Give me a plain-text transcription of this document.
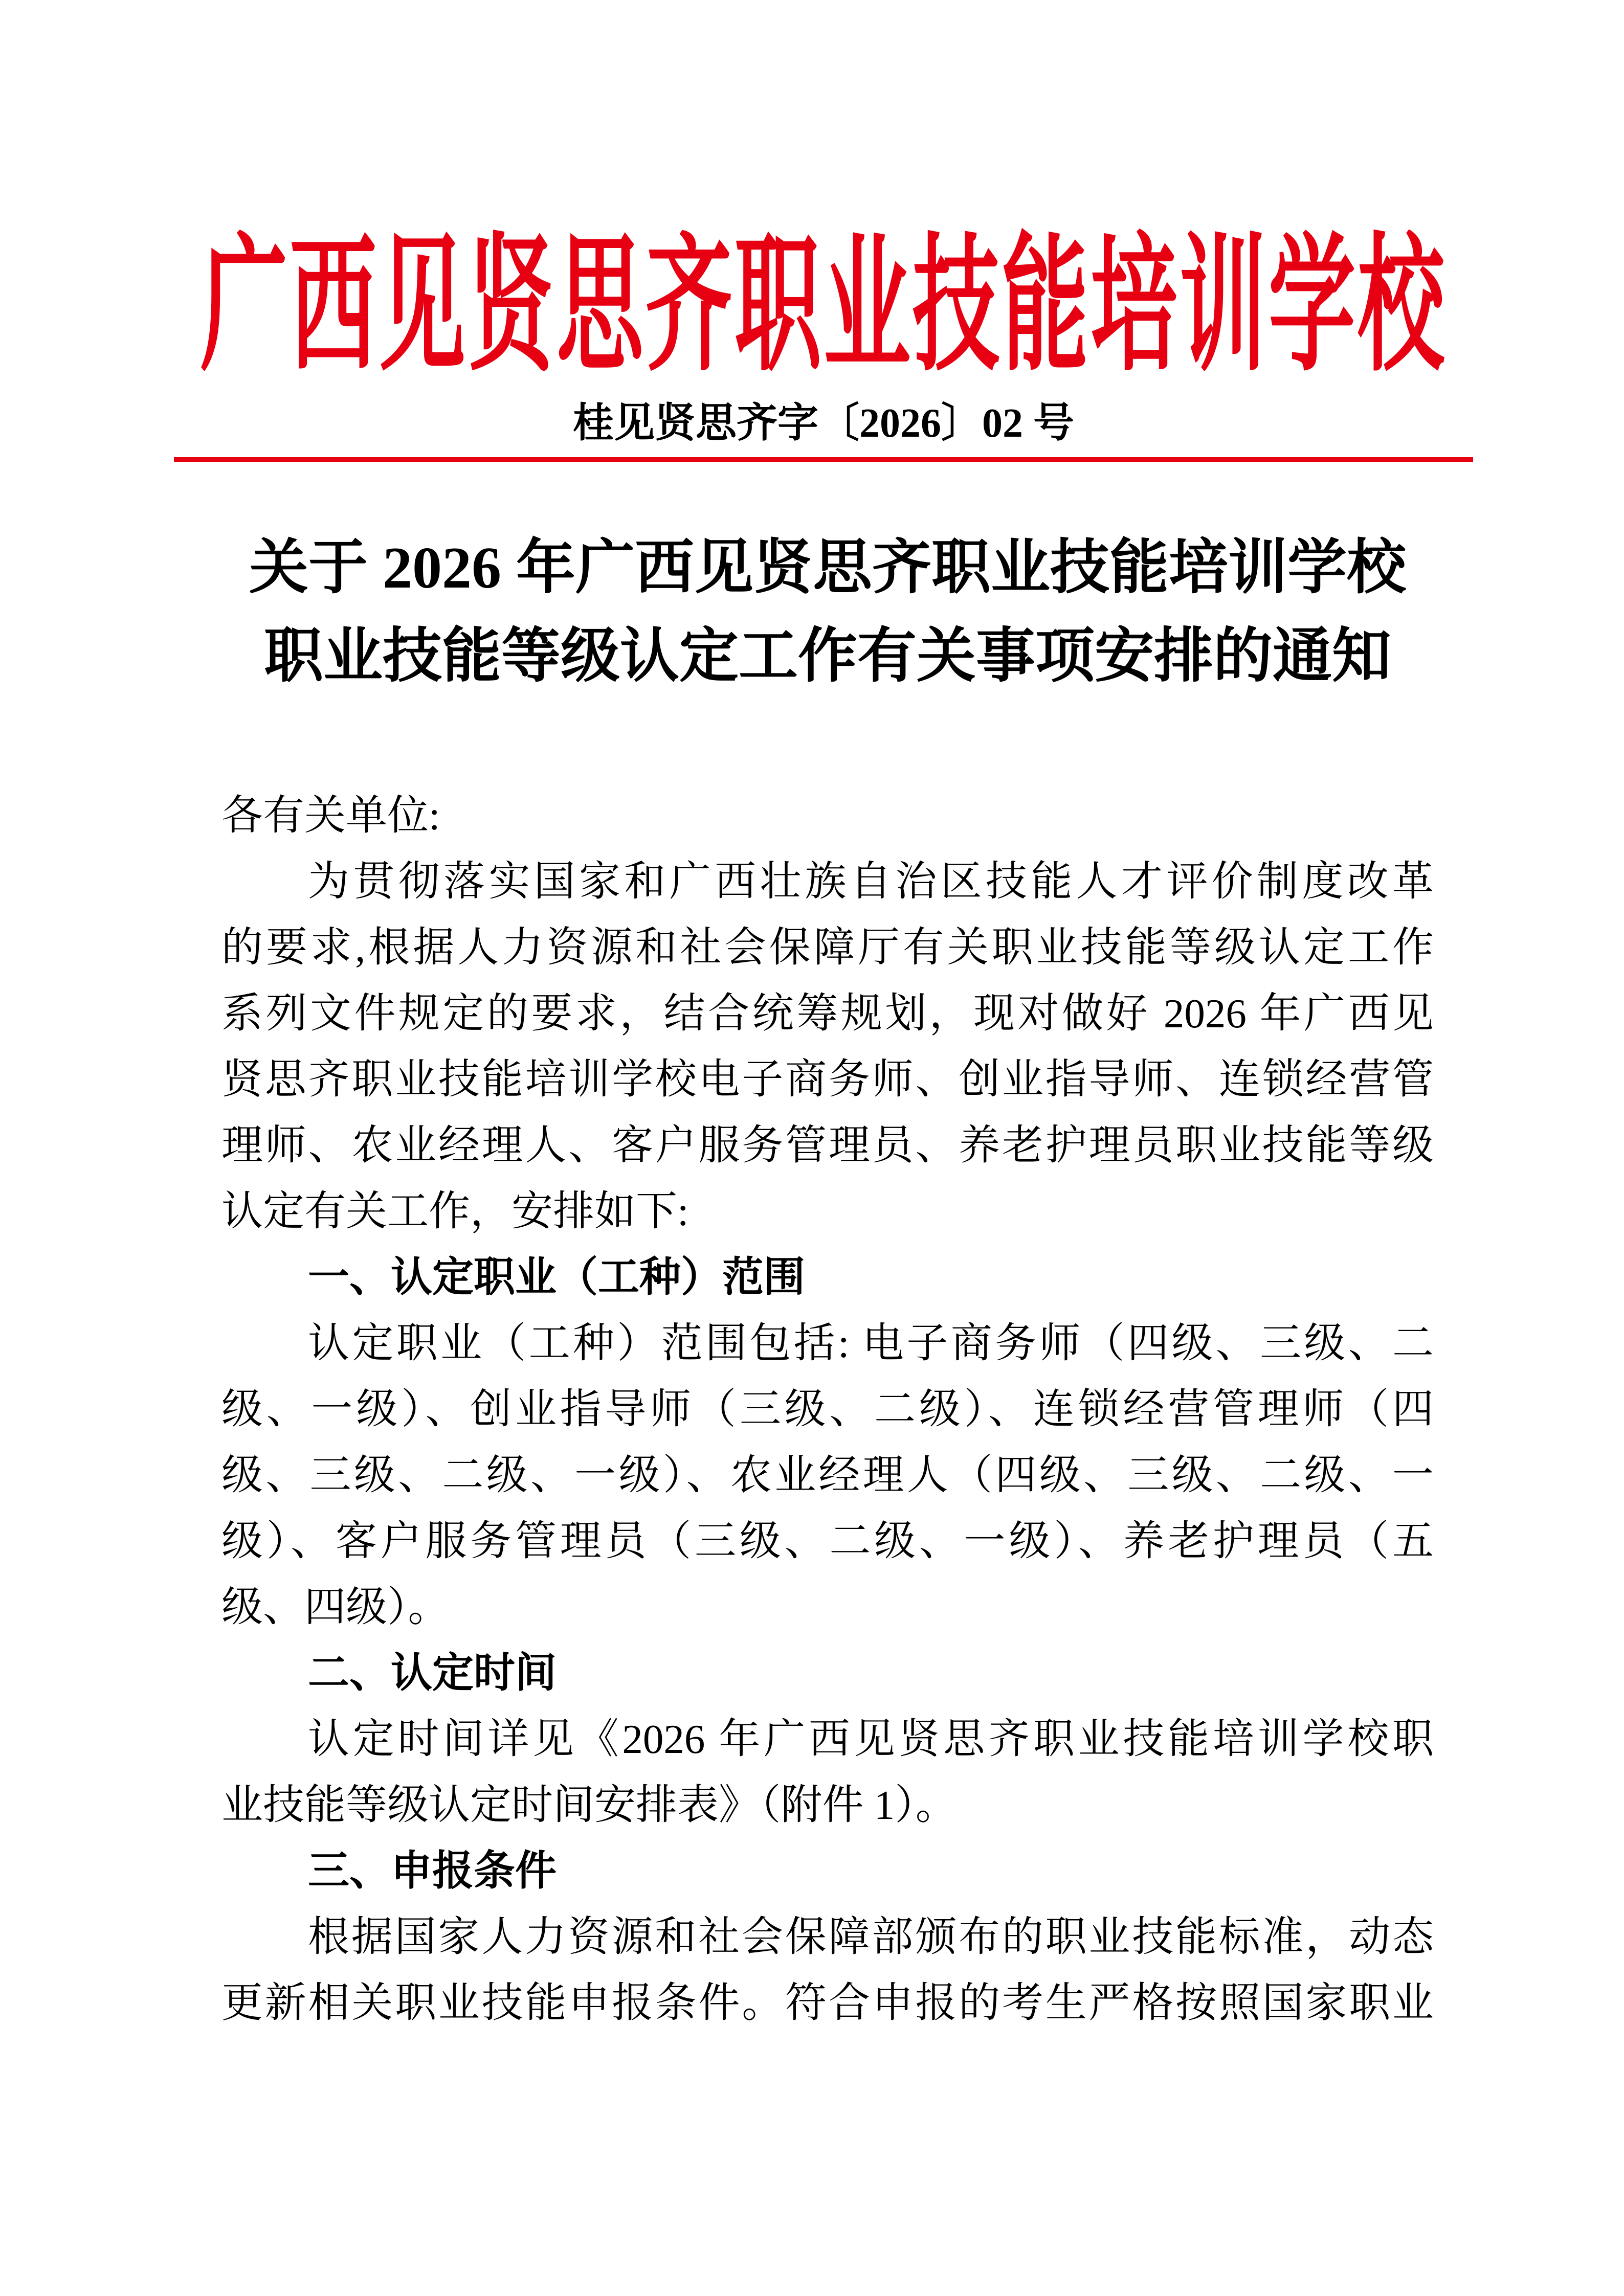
广西见贤思齐职业技能培训学校
桂见贤思齐字〔2026〕02 号
关于 2026 年广西见贤思齐职业技能培训学校
职业技能等级认定工作有关事项安排的通知
各有关单位:
为贯彻落实国家和广西壮族自治区技能人才评价制度改革
的要求,根据人力资源和社会保障厅有关职业技能等级认定工作
系列文件规定的要求，结合统筹规划，现对做好 2026 年广西见
贤思齐职业技能培训学校电子商务师、创业指导师、连锁经营管
理师、农业经理人、客户服务管理员、养老护理员职业技能等级
认定有关工作，安排如下:
一、认定职业（工种）范围
认定职业（工种）范围包括: 电子商务师（四级、三级、二
级、一级）、创业指导师（三级、二级）、连锁经营管理师（四
级、三级、二级、一级）、农业经理人（四级、三级、二级、一
级）、客户服务管理员（三级、二级、一级）、养老护理员（五
级、四级）。
二、认定时间
认定时间详见《2026 年广西见贤思齐职业技能培训学校职
业技能等级认定时间安排表》（附件 1）。
三、申报条件
根据国家人力资源和社会保障部颁布的职业技能标准，动态
更新相关职业技能申报条件。符合申报的考生严格按照国家职业
